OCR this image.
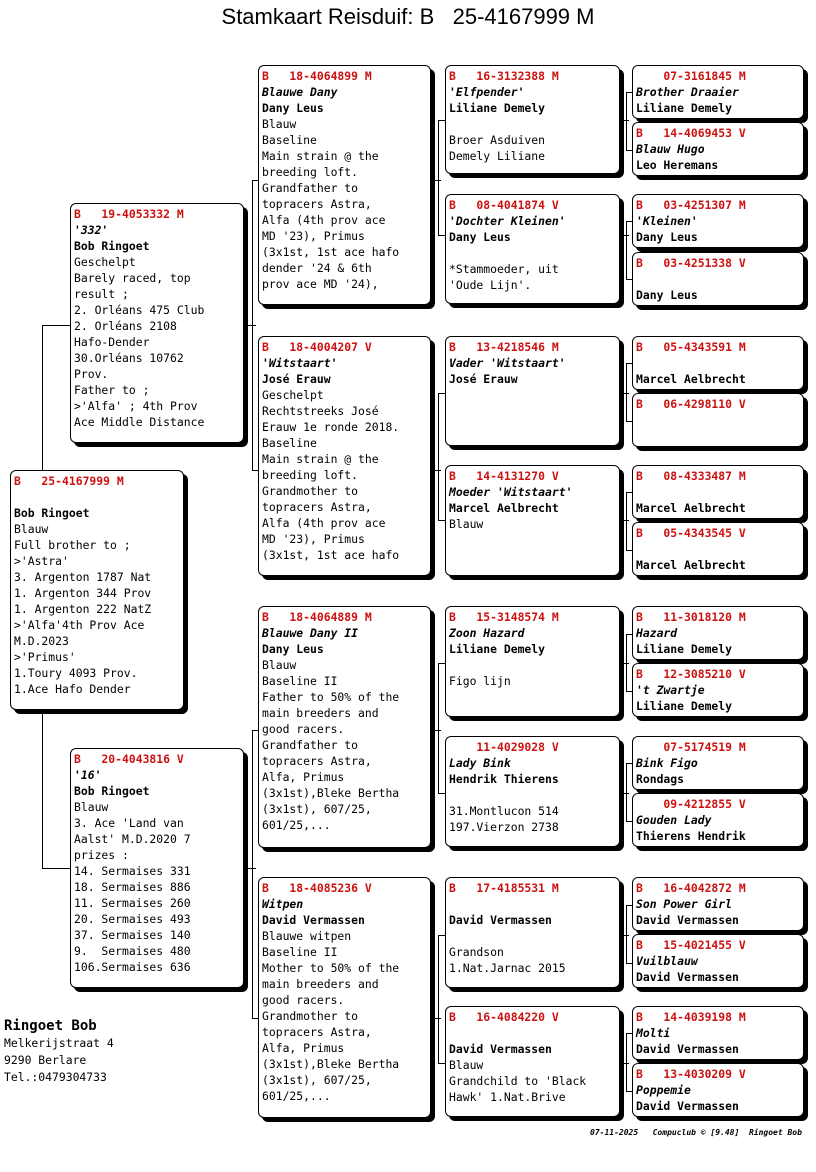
Stamkaart Reisduif: B   25-4167999 M
B   25-4167999 M
Bob Ringoet
Blauw
Full brother to ;
>'Astra'
3. Argenton 1787 Nat
1. Argenton 344 Prov
1. Argenton 222 NatZ
>'Alfa'4th Prov Ace
M.D.2023
>'Primus'
1.Toury 4093 Prov.
1.Ace Hafo Dender
B   19-4053332 M
'332'
Bob Ringoet
Geschelpt
Barely raced, top
result ;
2. Orléans 475 Club
2. Orléans 2108
Hafo-Dender
30.Orléans 10762
Prov.
Father to ;
>'Alfa' ; 4th Prov
Ace Middle Distance
B   20-4043816 V
'16'
Bob Ringoet
Blauw
3. Ace 'Land van
Aalst' M.D.2020 7
prizes :
14. Sermaises 331
18. Sermaises 886
11. Sermaises 260
20. Sermaises 493
37. Sermaises 140
9.  Sermaises 480
106.Sermaises 636
B   18-4064899 M
Blauwe Dany
Dany Leus
Blauw
Baseline
Main strain @ the
breeding loft.
Grandfather to
topracers Astra,
Alfa (4th prov ace
MD '23), Primus
(3x1st, 1st ace hafo
dender '24 & 6th
prov ace MD '24),
B   18-4004207 V
'Witstaart'
José Erauw
Geschelpt
Rechtstreeks José
Erauw 1e ronde 2018.
Baseline
Main strain @ the
breeding loft.
Grandmother to
topracers Astra,
Alfa (4th prov ace
MD '23), Primus
(3x1st, 1st ace hafo
B   18-4064889 M
Blauwe Dany II
Dany Leus
Blauw
Baseline II
Father to 50% of the
main breeders and
good racers.
Grandfather to
topracers Astra,
Alfa, Primus
(3x1st),Bleke Bertha
(3x1st), 607/25,
601/25,...
B   18-4085236 V
Witpen
David Vermassen
Blauwe witpen
Baseline II
Mother to 50% of the
main breeders and
good racers.
Grandmother to
topracers Astra,
Alfa, Primus
(3x1st),Bleke Bertha
(3x1st), 607/25,
601/25,...
B   16-3132388 M
'Elfpender'
Liliane Demely
Broer Asduiven
Demely Liliane
B   08-4041874 V
'Dochter Kleinen'
Dany Leus
*Stammoeder, uit
'Oude Lijn'.
B   13-4218546 M
Vader 'Witstaart'
José Erauw
B   14-4131270 V
Moeder 'Witstaart'
Marcel Aelbrecht
Blauw
B   15-3148574 M
Zoon Hazard
Liliane Demely
Figo lijn
11-4029028 V
Lady Bink
Hendrik Thierens
31.Montlucon 514
197.Vierzon 2738
B   17-4185531 M
David Vermassen
Grandson
1.Nat.Jarnac 2015
B   16-4084220 V
David Vermassen
Blauw
Grandchild to 'Black
Hawk' 1.Nat.Brive
07-3161845 M
Brother Draaier
Liliane Demely
B   14-4069453 V
Blauw Hugo
Leo Heremans
B   03-4251307 M
'Kleinen'
Dany Leus
B   03-4251338 V
Dany Leus
B   05-4343591 M
Marcel Aelbrecht
B   06-4298110 V
B   08-4333487 M
Marcel Aelbrecht
B   05-4343545 V
Marcel Aelbrecht
B   11-3018120 M
Hazard
Liliane Demely
B   12-3085210 V
't Zwartje
Liliane Demely
07-5174519 M
Bink Figo
Rondags
09-4212855 V
Gouden Lady
Thierens Hendrik
B   16-4042872 M
Son Power Girl
David Vermassen
B   15-4021455 V
Vuilblauw
David Vermassen
B   14-4039198 M
Molti
David Vermassen
B   13-4030209 V
Poppemie
David Vermassen
Ringoet Bob
Melkerijstraat 4
9290 Berlare
Tel.:0479304733
07-11-2025   Compuclub © [9.48]  Ringoet Bob
